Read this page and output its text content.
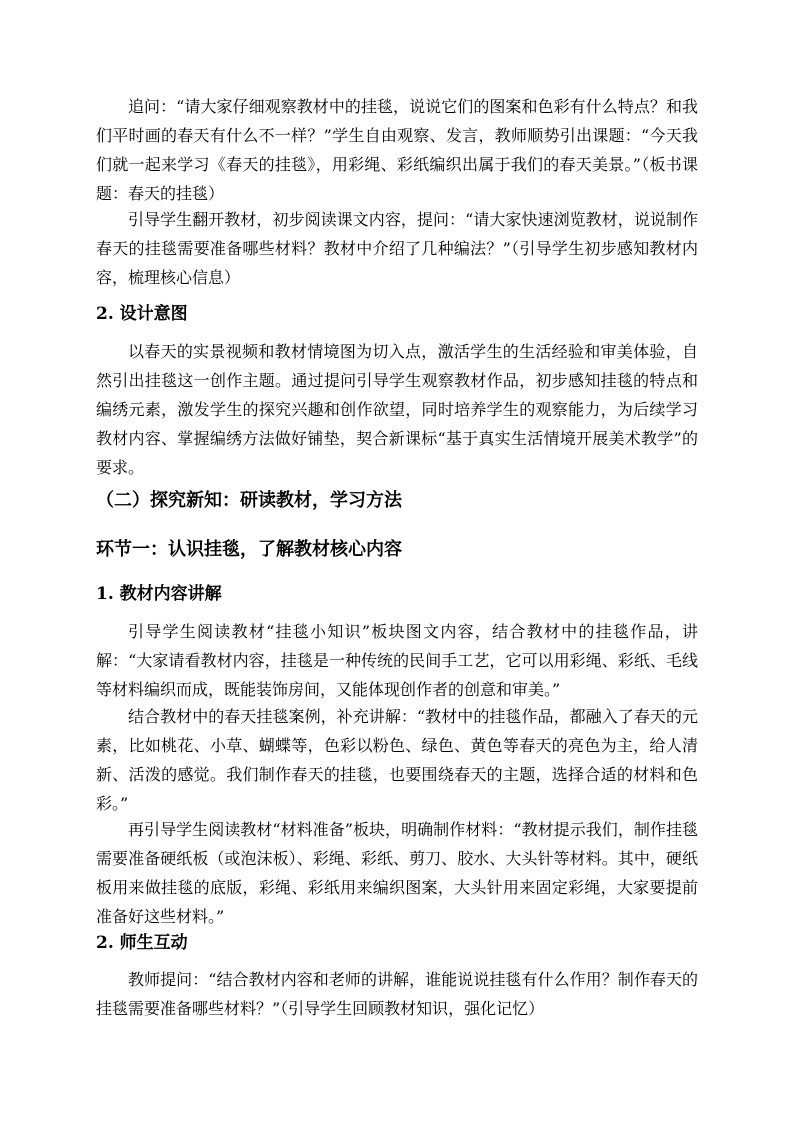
追问：“请大家仔细观察教材中的挂毯，说说它们的图案和色彩有什么特点？和我们平时画的春天有什么不一样？”学生自由观察、发言，教师顺势引出课题：“今天我们就一起来学习《春天的挂毯》，用彩绳、彩纸编织出属于我们的春天美景。”（板书课题：春天的挂毯）

引导学生翻开教材，初步阅读课文内容，提问：“请大家快速浏览教材，说说制作春天的挂毯需要准备哪些材料？教材中介绍了几种编法？”（引导学生初步感知教材内容，梳理核心信息）

2. 设计意图

以春天的实景视频和教材情境图为切入点，激活学生的生活经验和审美体验，自然引出挂毯这一创作主题。通过提问引导学生观察教材作品，初步感知挂毯的特点和编绣元素，激发学生的探究兴趣和创作欲望，同时培养学生的观察能力，为后续学习教材内容、掌握编绣方法做好铺垫，契合新课标“基于真实生活情境开展美术教学”的要求。

（二）探究新知：研读教材，学习方法
环节一：认识挂毯，了解教材核心内容
1. 教材内容讲解

引导学生阅读教材“挂毯小知识”板块图文内容，结合教材中的挂毯作品，讲解：“大家请看教材内容，挂毯是一种传统的民间手工艺，它可以用彩绳、彩纸、毛线等材料编织而成，既能装饰房间，又能体现创作者的创意和审美。”

结合教材中的春天挂毯案例，补充讲解：“教材中的挂毯作品，都融入了春天的元素，比如桃花、小草、蝴蝶等，色彩以粉色、绿色、黄色等春天的亮色为主，给人清新、活泼的感觉。我们制作春天的挂毯，也要围绕春天的主题，选择合适的材料和色彩。”

再引导学生阅读教材“材料准备”板块，明确制作材料：“教材提示我们，制作挂毯需要准备硬纸板（或泡沫板）、彩绳、彩纸、剪刀、胶水、大头针等材料。其中，硬纸板用来做挂毯的底版，彩绳、彩纸用来编织图案，大头针用来固定彩绳，大家要提前准备好这些材料。”

2. 师生互动

教师提问：“结合教材内容和老师的讲解，谁能说说挂毯有什么作用？制作春天的挂毯需要准备哪些材料？”（引导学生回顾教材知识，强化记忆）
